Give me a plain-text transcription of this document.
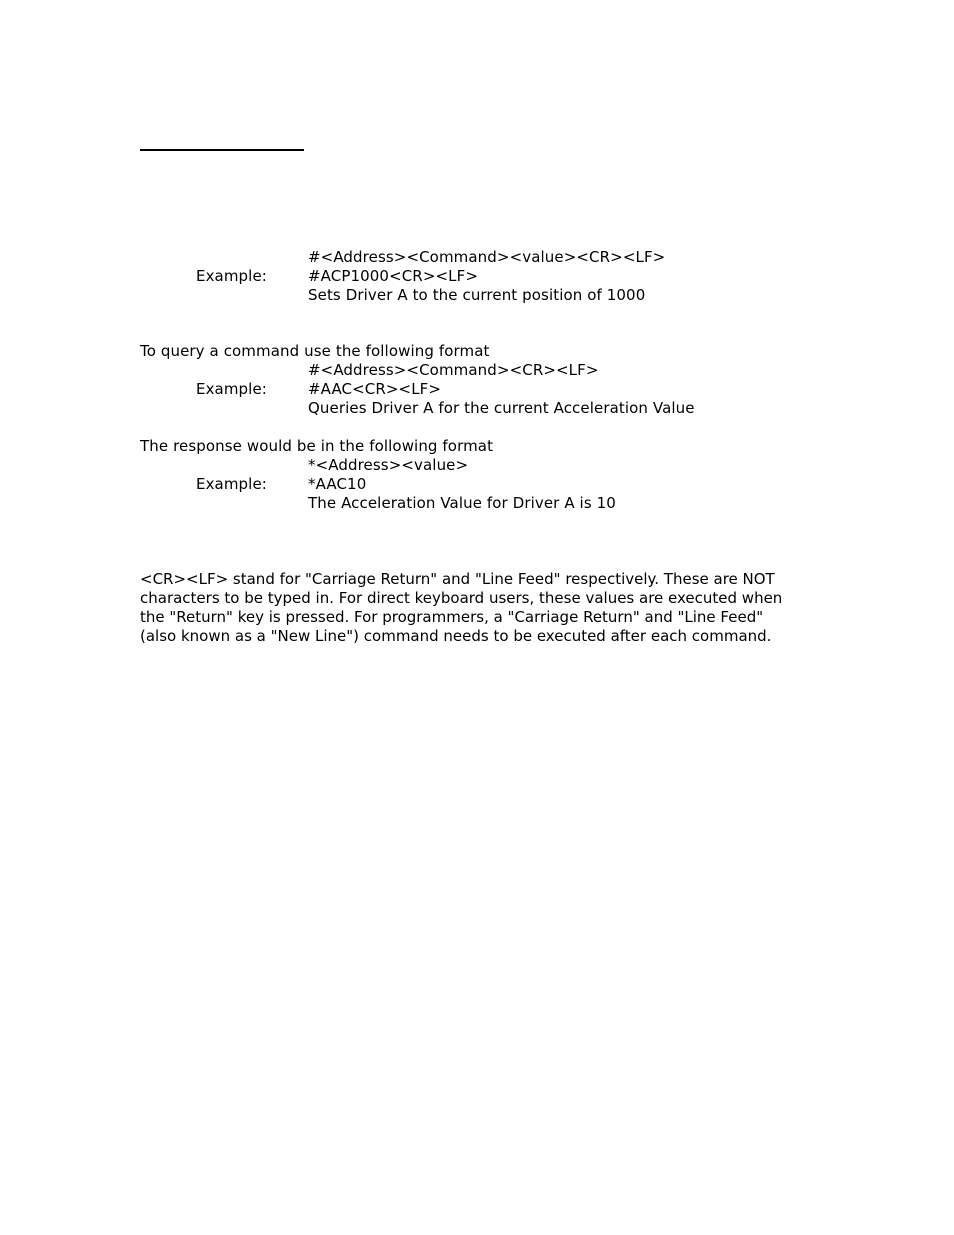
#<Address><Command><value><CR><LF>
Example:	#ACP1000<CR><LF>
Sets Driver A to the current position of 1000
To query a command use the following format
#<Address><Command><CR><LF>
Example:	#AAC<CR><LF>
Queries Driver A for the current Acceleration Value
The response would be in the following format
*<Address><value>
Example:	*AAC10
The Acceleration Value for Driver A is 10
<CR><LF> stand for "Carriage Return" and "Line Feed" respectively. These are NOT
characters to be typed in. For direct keyboard users, these values are executed when
the "Return" key is pressed. For programmers, a "Carriage Return" and "Line Feed"
(also known as a "New Line") command needs to be executed after each command.
